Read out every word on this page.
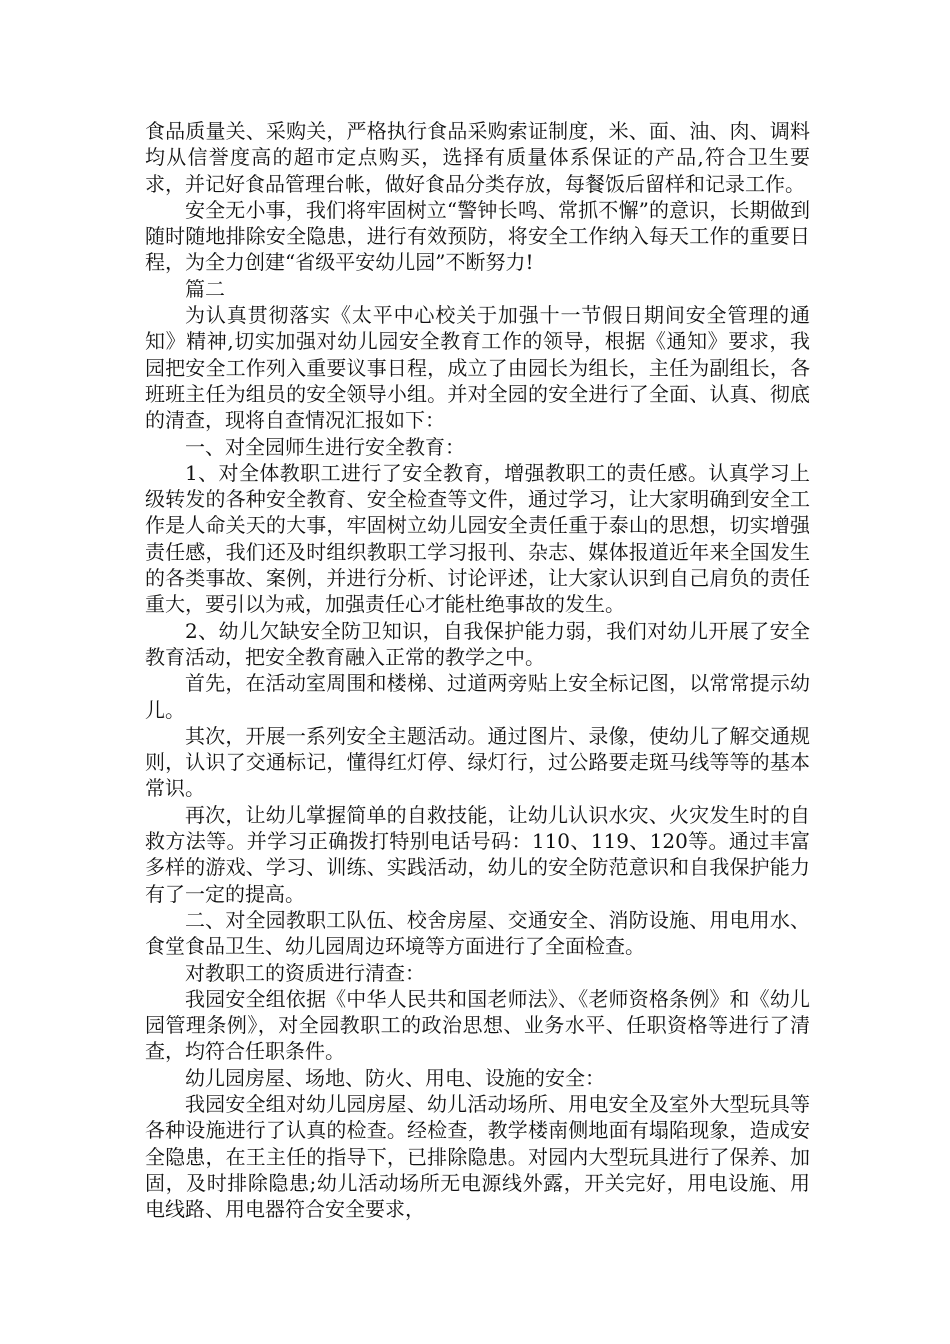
食品质量关、采购关，严格执行食品采购索证制度，米、面、油、肉、调料均从信誉度高的超市定点购买，选择有质量体系保证的产品,符合卫生要求，并记好食品管理台帐，做好食品分类存放，每餐饭后留样和记录工作。

安全无小事，我们将牢固树立“警钟长鸣、常抓不懈”的意识，长期做到随时随地排除安全隐患，进行有效预防，将安全工作纳入每天工作的重要日程，为全力创建“省级平安幼儿园”不断努力!

篇二

为认真贯彻落实《太平中心校关于加强十一节假日期间安全管理的通知》精神,切实加强对幼儿园安全教育工作的领导，根据《通知》要求，我园把安全工作列入重要议事日程，成立了由园长为组长，主任为副组长，各班班主任为组员的安全领导小组。并对全园的安全进行了全面、认真、彻底的清查，现将自查情况汇报如下：

一、对全园师生进行安全教育：

1、对全体教职工进行了安全教育，增强教职工的责任感。认真学习上级转发的各种安全教育、安全检查等文件，通过学习，让大家明确到安全工作是人命关天的大事，牢固树立幼儿园安全责任重于泰山的思想，切实增强责任感，我们还及时组织教职工学习报刊、杂志、媒体报道近年来全国发生的各类事故、案例，并进行分析、讨论评述，让大家认识到自己肩负的责任重大，要引以为戒，加强责任心才能杜绝事故的发生。

2、幼儿欠缺安全防卫知识，自我保护能力弱，我们对幼儿开展了安全教育活动，把安全教育融入正常的教学之中。

首先，在活动室周围和楼梯、过道两旁贴上安全标记图，以常常提示幼儿。

其次，开展一系列安全主题活动。通过图片、录像，使幼儿了解交通规则，认识了交通标记，懂得红灯停、绿灯行，过公路要走斑马线等等的基本常识。

再次，让幼儿掌握简单的自救技能，让幼儿认识水灾、火灾发生时的自救方法等。并学习正确拨打特别电话号码：110、119、120等。通过丰富多样的游戏、学习、训练、实践活动，幼儿的安全防范意识和自我保护能力有了一定的提高。

二、对全园教职工队伍、校舍房屋、交通安全、消防设施、用电用水、食堂食品卫生、幼儿园周边环境等方面进行了全面检查。

对教职工的资质进行清查：

我园安全组依据《中华人民共和国老师法》、《老师资格条例》和《幼儿园管理条例》，对全园教职工的政治思想、业务水平、任职资格等进行了清查，均符合任职条件。

幼儿园房屋、场地、防火、用电、设施的安全：

我园安全组对幼儿园房屋、幼儿活动场所、用电安全及室外大型玩具等各种设施进行了认真的检查。经检查，教学楼南侧地面有塌陷现象，造成安全隐患，在王主任的指导下，已排除隐患。对园内大型玩具进行了保养、加固，及时排除隐患;幼儿活动场所无电源线外露，开关完好，用电设施、用电线路、用电器符合安全要求，
